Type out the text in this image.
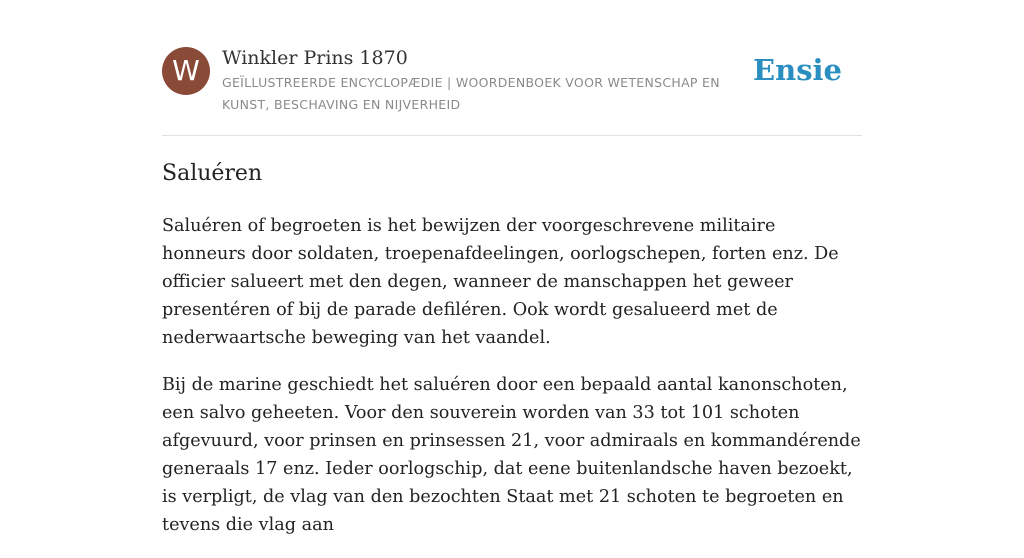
W	Winkler Prins 1870
GEÏLLUSTREERDE ENCYCLOPÆDIE | WOORDENBOEK VOOR WETENSCHAP EN KUNST, BESCHAVING EN NIJVERHEID
Ensie
Saluéren

Saluéren of begroeten is het bewijzen der voorgeschrevene militaire honneurs door soldaten, troepenafdeelingen, oorlogschepen, forten enz. De officier salueert met den degen, wanneer de manschappen het geweer presentéren of bij de parade defiléren. Ook wordt gesalueerd met de nederwaartsche beweging van het vaandel.

Bij de marine geschiedt het saluéren door een bepaald aantal kanonschoten, een salvo geheeten. Voor den souverein worden van 33 tot 101 schoten afgevuurd, voor prinsen en prinsessen 21, voor admiraals en kommandérende generaals 17 enz. Ieder oorlogschip, dat eene buitenlandsche haven bezoekt, is verpligt, de vlag van den bezochten Staat met 21 schoten te begroeten en tevens die vlag aan
